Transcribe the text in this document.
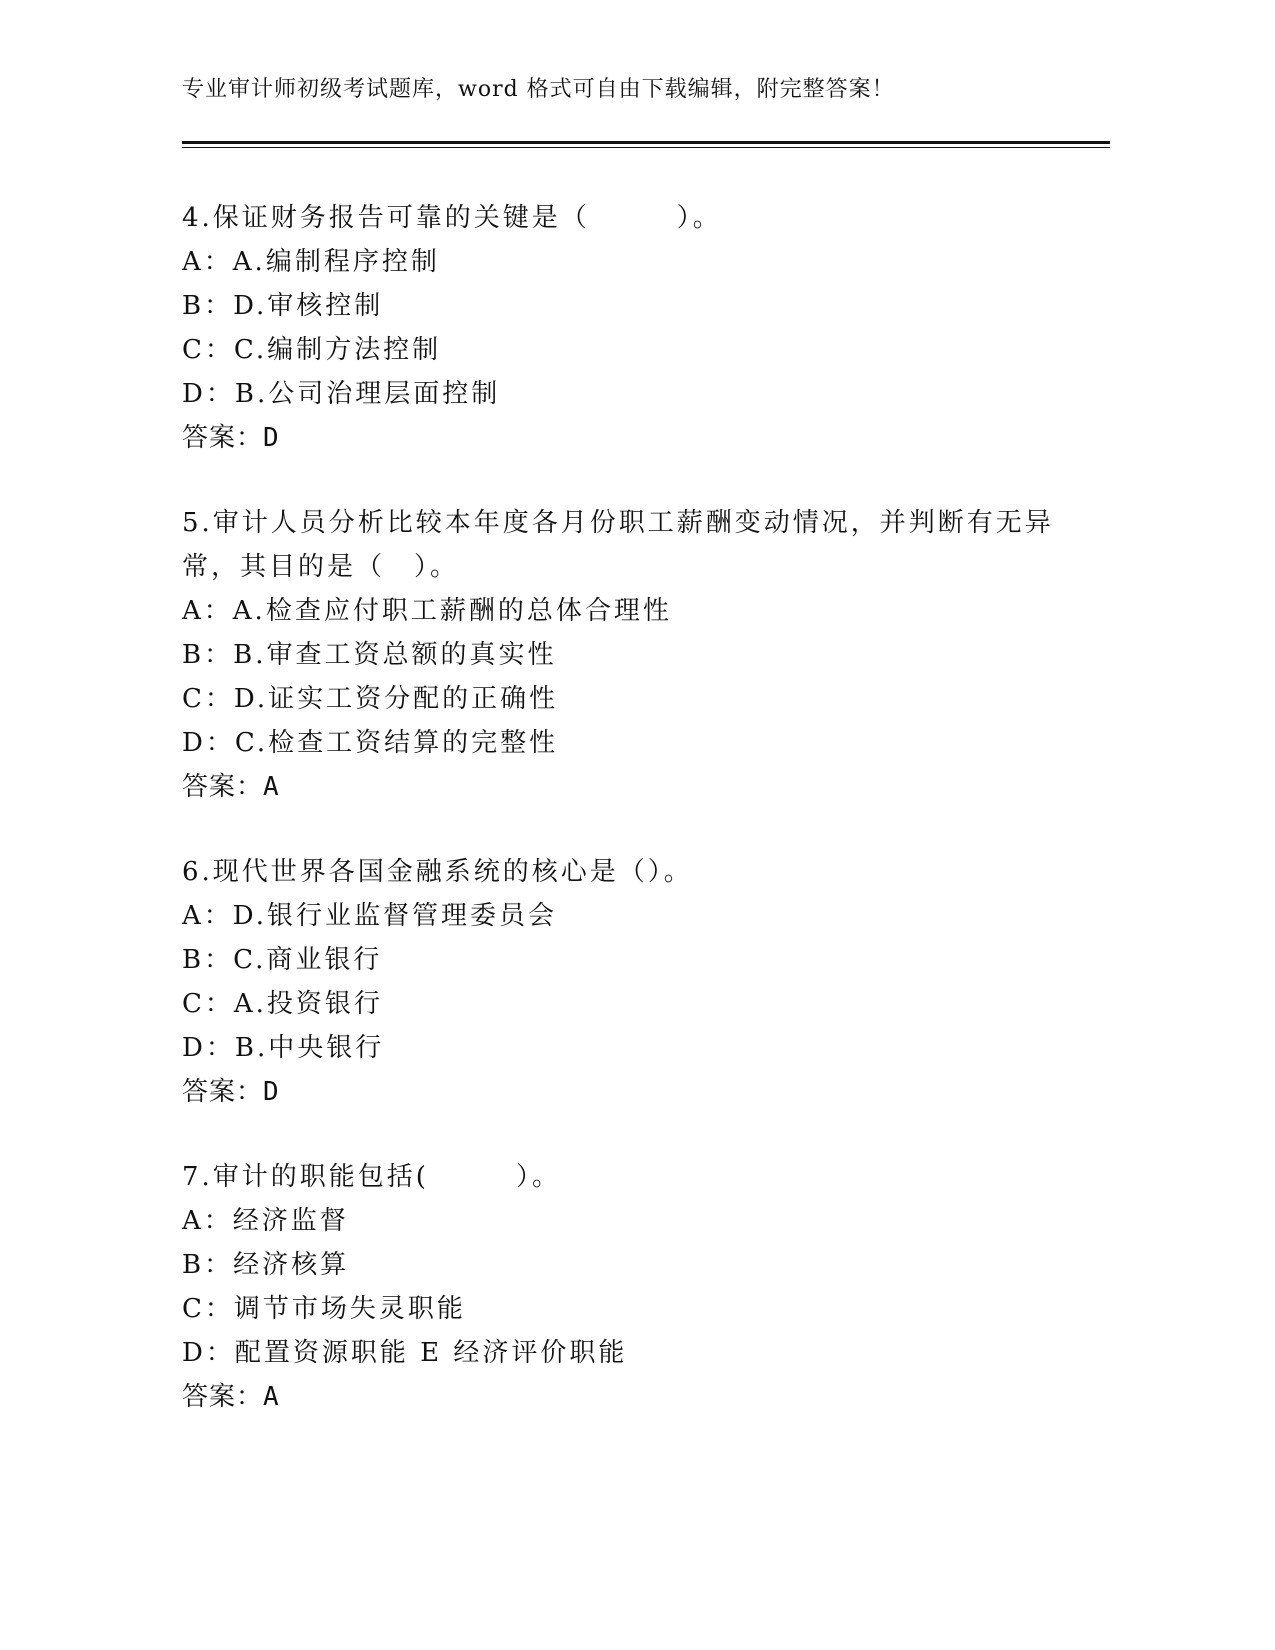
专业审计师初级考试题库，word 格式可自由下载编辑，附完整答案！
4.保证财务报告可靠的关键是（　　　）。
A：A.编制程序控制
B：D.审核控制
C：C.编制方法控制
D：B.公司治理层面控制
答案：D
5.审计人员分析比较本年度各月份职工薪酬变动情况，并判断有无异常，其目的是（　）。
A：A.检查应付职工薪酬的总体合理性
B：B.审查工资总额的真实性
C：D.证实工资分配的正确性
D：C.检查工资结算的完整性
答案：A
6.现代世界各国金融系统的核心是（）。
A：D.银行业监督管理委员会
B：C.商业银行
C：A.投资银行
D：B.中央银行
答案：D
7.审计的职能包括(　　　）。
A：经济监督
B：经济核算
C：调节市场失灵职能
D：配置资源职能 E 经济评价职能
答案：A
